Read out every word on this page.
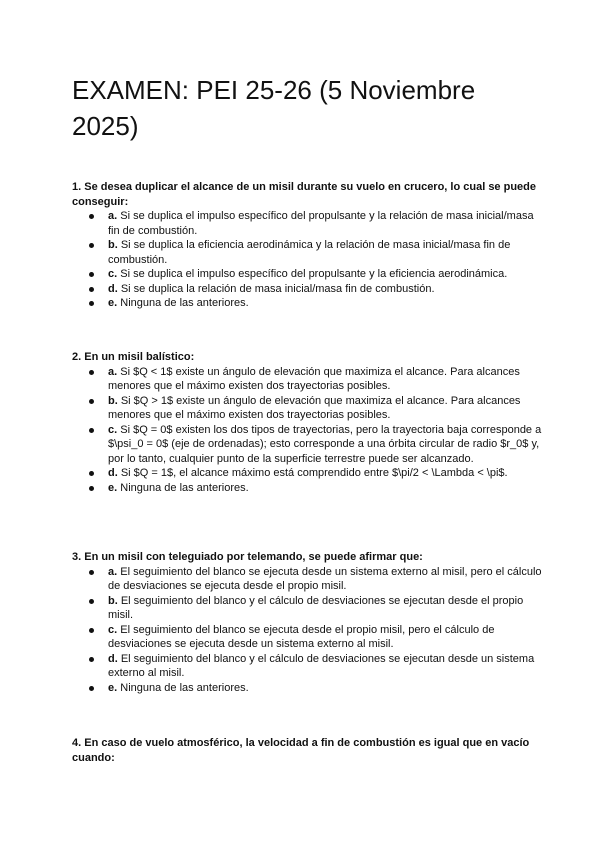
EXAMEN: PEI 25-26 (5 Noviembre 2025)

1. Se desea duplicar el alcance de un misil durante su vuelo en crucero, lo cual se puede conseguir:

a. Si se duplica el impulso específico del propulsante y la relación de masa inicial/masa fin de combustión.
b. Si se duplica la eficiencia aerodinámica y la relación de masa inicial/masa fin de combustión.
c. Si se duplica el impulso específico del propulsante y la eficiencia aerodinámica.
d. Si se duplica la relación de masa inicial/masa fin de combustión.
e. Ninguna de las anteriores.

2. En un misil balístico:

a. Si $Q < 1$ existe un ángulo de elevación que maximiza el alcance. Para alcances menores que el máximo existen dos trayectorias posibles.
b. Si $Q > 1$ existe un ángulo de elevación que maximiza el alcance. Para alcances menores que el máximo existen dos trayectorias posibles.
c. Si $Q = 0$ existen los dos tipos de trayectorias, pero la trayectoria baja corresponde a $\psi_0 = 0$ (eje de ordenadas); esto corresponde a una órbita circular de radio $r_0$ y, por lo tanto, cualquier punto de la superficie terrestre puede ser alcanzado.
d. Si $Q = 1$, el alcance máximo está comprendido entre $\pi/2 < \Lambda < \pi$.
e. Ninguna de las anteriores.

3. En un misil con teleguiado por telemando, se puede afirmar que:

a. El seguimiento del blanco se ejecuta desde un sistema externo al misil, pero el cálculo de desviaciones se ejecuta desde el propio misil.
b. El seguimiento del blanco y el cálculo de desviaciones se ejecutan desde el propio misil.
c. El seguimiento del blanco se ejecuta desde el propio misil, pero el cálculo de desviaciones se ejecuta desde un sistema externo al misil.
d. El seguimiento del blanco y el cálculo de desviaciones se ejecutan desde un sistema externo al misil.
e. Ninguna de las anteriores.

4. En caso de vuelo atmosférico, la velocidad a fin de combustión es igual que en vacío cuando:
